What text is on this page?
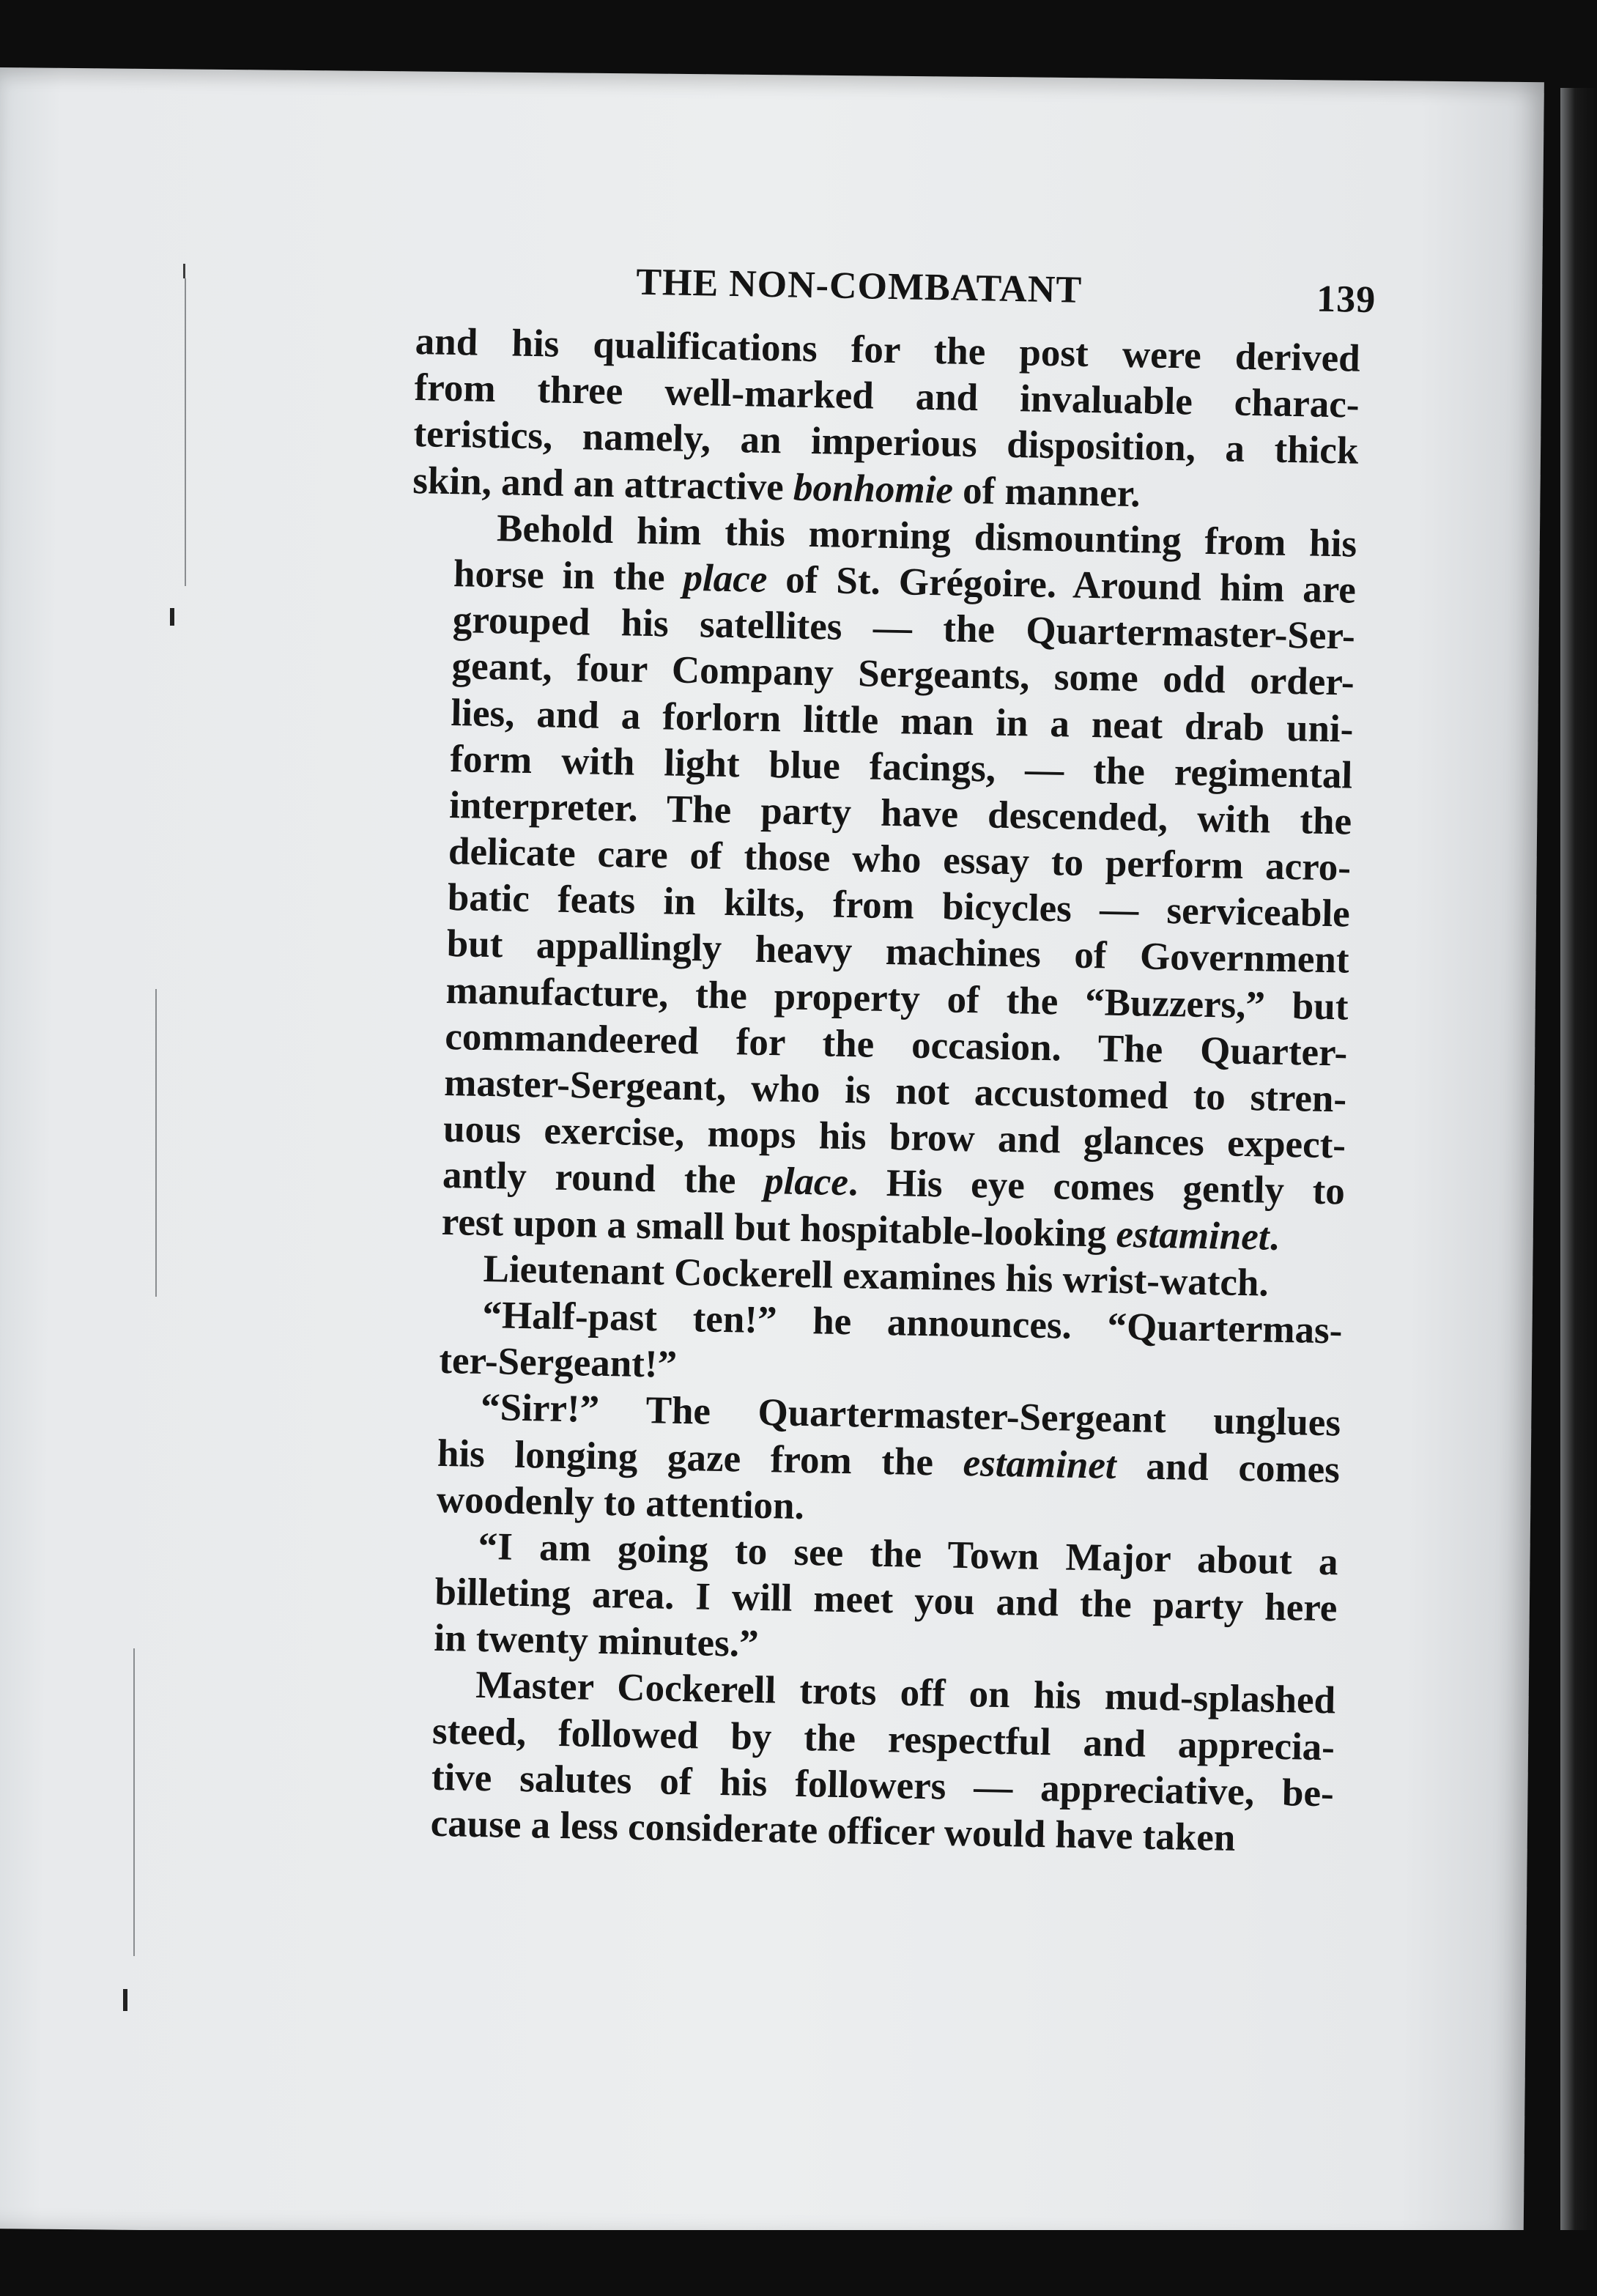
THE NON-COMBATANT	139
and his qualifications for the post were derived
from three well-marked and invaluable charac-
teristics, namely, an imperious disposition, a thick
skin, and an attractive bonhomie of manner.
Behold him this morning dismounting from his
horse in the place of St. Grégoire. Around him are
grouped his satellites — the Quartermaster-Ser-
geant, four Company Sergeants, some odd order-
lies, and a forlorn little man in a neat drab uni-
form with light blue facings, — the regimental
interpreter. The party have descended, with the
delicate care of those who essay to perform acro-
batic feats in kilts, from bicycles — serviceable
but appallingly heavy machines of Government
manufacture, the property of the “Buzzers,” but
commandeered for the occasion. The Quarter-
master-Sergeant, who is not accustomed to stren-
uous exercise, mops his brow and glances expect-
antly round the place. His eye comes gently to
rest upon a small but hospitable-looking estaminet.
Lieutenant Cockerell examines his wrist-watch.
“Half-past ten!” he announces. “Quartermas-
ter-Sergeant!”
“Sirr!” The Quartermaster-Sergeant unglues
his longing gaze from the estaminet and comes
woodenly to attention.
“I am going to see the Town Major about a
billeting area. I will meet you and the party here
in twenty minutes.”
Master Cockerell trots off on his mud-splashed
steed, followed by the respectful and apprecia-
tive salutes of his followers — appreciative, be-
cause a less considerate officer would have taken
